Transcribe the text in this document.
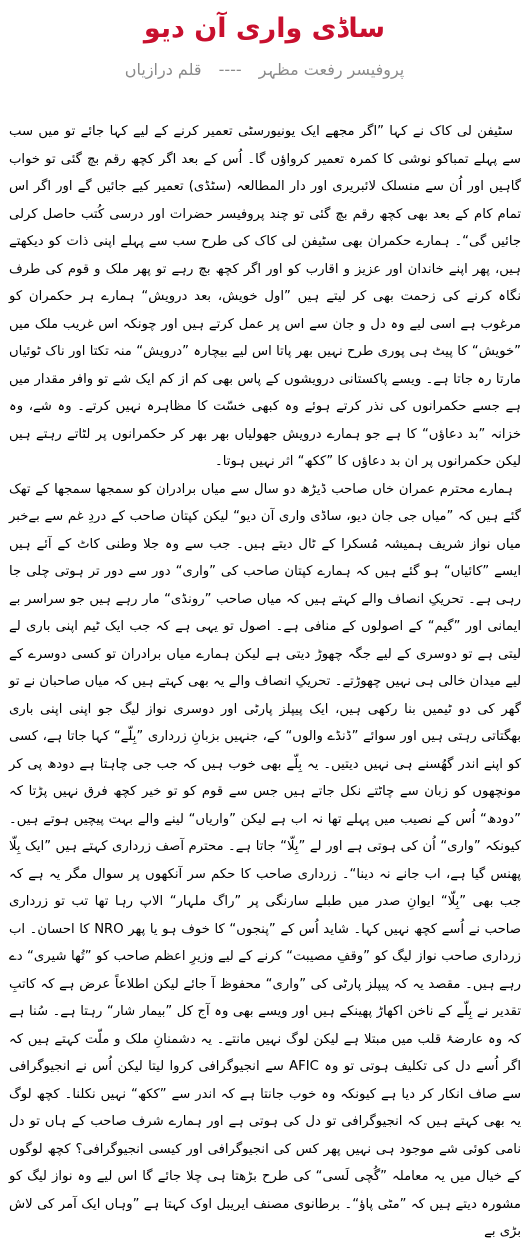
ساڈی واری آن دیو
پروفیسر رفعت مظہر ---- قلم درازیاں

سٹیفن لی کاک نے کہا ”اگر مجھے ایک یونیورسٹی تعمیر کرنے کے لیے کہا جائے تو میں سب سے پہلے تمباکو نوشی کا کمرہ تعمیر کرواؤں گا۔ اُس کے بعد اگر کچھ رقم بچ گئی تو خواب گاہیں اور اُن سے منسلک لائبریری اور دار المطالعہ (سٹڈی) تعمیر کیے جائیں گے اور اگر اس تمام کام کے بعد بھی کچھ رقم بچ گئی تو چند پروفیسر حضرات اور درسی کُتب حاصل کرلی جائیں گی“۔ ہمارے حکمران بھی سٹیفن لی کاک کی طرح سب سے پہلے اپنی ذات کو دیکھتے ہیں، پھر اپنے خاندان اور عزیز و اقارب کو اور اگر کچھ بچ رہے تو پھر ملک و قوم کی طرف نگاہ کرنے کی زحمت بھی کر لیتے ہیں ”اول خویش، بعد درویش“ ہمارے ہر حکمران کو مرغوب ہے اسی لیے وہ دل و جان سے اس پر عمل کرتے ہیں اور چونکہ اس غریب ملک میں ”خویش“ کا پیٹ ہی پوری طرح نہیں بھر پاتا اس لیے بیچارہ ”درویش“ منہ تکتا اور ناک ٹوئیاں مارتا رہ جاتا ہے۔ ویسے پاکستانی درویشوں کے پاس بھی کم از کم ایک شے تو وافر مقدار میں ہے جسے حکمرانوں کی نذر کرتے ہوئے وہ کبھی خسّت کا مظاہرہ نہیں کرتے۔ وہ شے، وہ خزانہ ”بد دعاؤں“ کا ہے جو ہمارے درویش جھولیاں بھر بھر کر حکمرانوں پر لٹاتے رہتے ہیں لیکن حکمرانوں پر ان بد دعاؤں کا ”ککھ“ اثر نہیں ہوتا۔

ہمارے محترم عمران خاں صاحب ڈیڑھ دو سال سے میاں برادران کو سمجھا سمجھا کے تھک گئے ہیں کہ ”میاں جی جان دیو، ساڈی واری آن دیو“ لیکن کپتان صاحب کے دردِ غم سے بےخبر میاں نواز شریف ہمیشہ مُسکرا کے ٹال دیتے ہیں۔ جب سے وہ جلا وطنی کاٹ کے آئے ہیں ایسے ”کائیاں“ ہو گئے ہیں کہ ہمارے کپتان صاحب کی ”واری“ دور سے دور تر ہوتی چلی جا رہی ہے۔ تحریکِ انصاف والے کہتے ہیں کہ میاں صاحب ”رونڈی“ مار رہے ہیں جو سراسر بے ایمانی اور ”گیم“ کے اصولوں کے منافی ہے۔ اصول تو یہی ہے کہ جب ایک ٹیم اپنی باری لے لیتی ہے تو دوسری کے لیے جگہ چھوڑ دیتی ہے لیکن ہمارے میاں برادران تو کسی دوسرے کے لیے میدان خالی ہی نہیں چھوڑتے۔ تحریکِ انصاف والے یہ بھی کہتے ہیں کہ میاں صاحبان نے تو گھر کی دو ٹیمیں بنا رکھی ہیں، ایک پیپلز پارٹی اور دوسری نواز لیگ جو اپنی اپنی باری بھگتاتی رہتی ہیں اور سوائے ”ڈنڈے والوں“ کے، جنہیں بزبانِ زرداری ”بِلّے“ کہا جاتا ہے، کسی کو اپنے اندر گھُسنے ہی نہیں دیتیں۔ یہ بِلّے بھی خوب ہیں کہ جب جی چاہتا ہے دودھ پی کر مونچھوں کو زبان سے چاٹتے نکل جاتے ہیں جس سے قوم کو تو خیر کچھ فرق نہیں پڑتا کہ ”دودھ“ اُس کے نصیب میں پہلے تھا نہ اب ہے لیکن ”واریاں“ لینے والے بہت پیچیں ہوتے ہیں۔ کیونکہ ”واری“ اُن کی ہوتی ہے اور لے ”بِلّا“ جاتا ہے۔ محترم آصف زرداری کہتے ہیں ”ایک بِلّا پھنس گیا ہے، اب جانے نہ دینا“۔ زرداری صاحب کا حکم سر آنکھوں پر سوال مگر یہ ہے کہ جب بھی ”بِلّا“ ایوانِ صدر میں طبلے سارنگی پر ”راگ ملہار“ الاپ رہا تھا تب تو زرداری صاحب نے اُسے کچھ نہیں کہا۔ شاید اُس کے ”پنجوں“ کا خوف ہو یا پھر NRO کا احسان۔ اب زرداری صاحب نواز لیگ کو ”وقفِ مصیبت“ کرنے کے لیے وزیرِ اعظم صاحب کو ”تُھا شیری“ دے رہے ہیں۔ مقصد یہ کہ پیپلز پارٹی کی ”واری“ محفوظ آ جائے لیکن اطلاعاً عرض ہے کہ کاتبِ تقدیر نے بِلّے کے ناخن اکھاڑ پھینکے ہیں اور ویسے بھی وہ آج کل ”بیمار شار“ رہتا ہے۔ سُنا ہے کہ وہ عارضۂ قلب میں مبتلا ہے لیکن لوگ نہیں مانتے۔ یہ دشمنانِ ملک و ملّت کہتے ہیں کہ اگر اُسے دل کی تکلیف ہوتی تو وہ AFIC سے انجیوگرافی کروا لیتا لیکن اُس نے انجیوگرافی سے صاف انکار کر دیا ہے کیونکہ وہ خوب جانتا ہے کہ اندر سے ”ککھ“ نہیں نکلنا۔ کچھ لوگ یہ بھی کہتے ہیں کہ انجیوگرافی تو دل کی ہوتی ہے اور ہمارے شرف صاحب کے ہاں تو دل نامی کوئی شے موجود ہی نہیں پھر کس کی انجیوگرافی اور کیسی انجیوگرافی؟ کچھ لوگوں کے خیال میں یہ معاملہ ”گُچی لَسی“ کی طرح بڑھتا ہی چلا جائے گا اس لیے وہ نواز لیگ کو مشورہ دیتے ہیں کہ ”مٹی پاؤ“۔ برطانوی مصنف ایریبل اوک کہتا ہے ”وہاں ایک آمر کی لاش بڑی بے
